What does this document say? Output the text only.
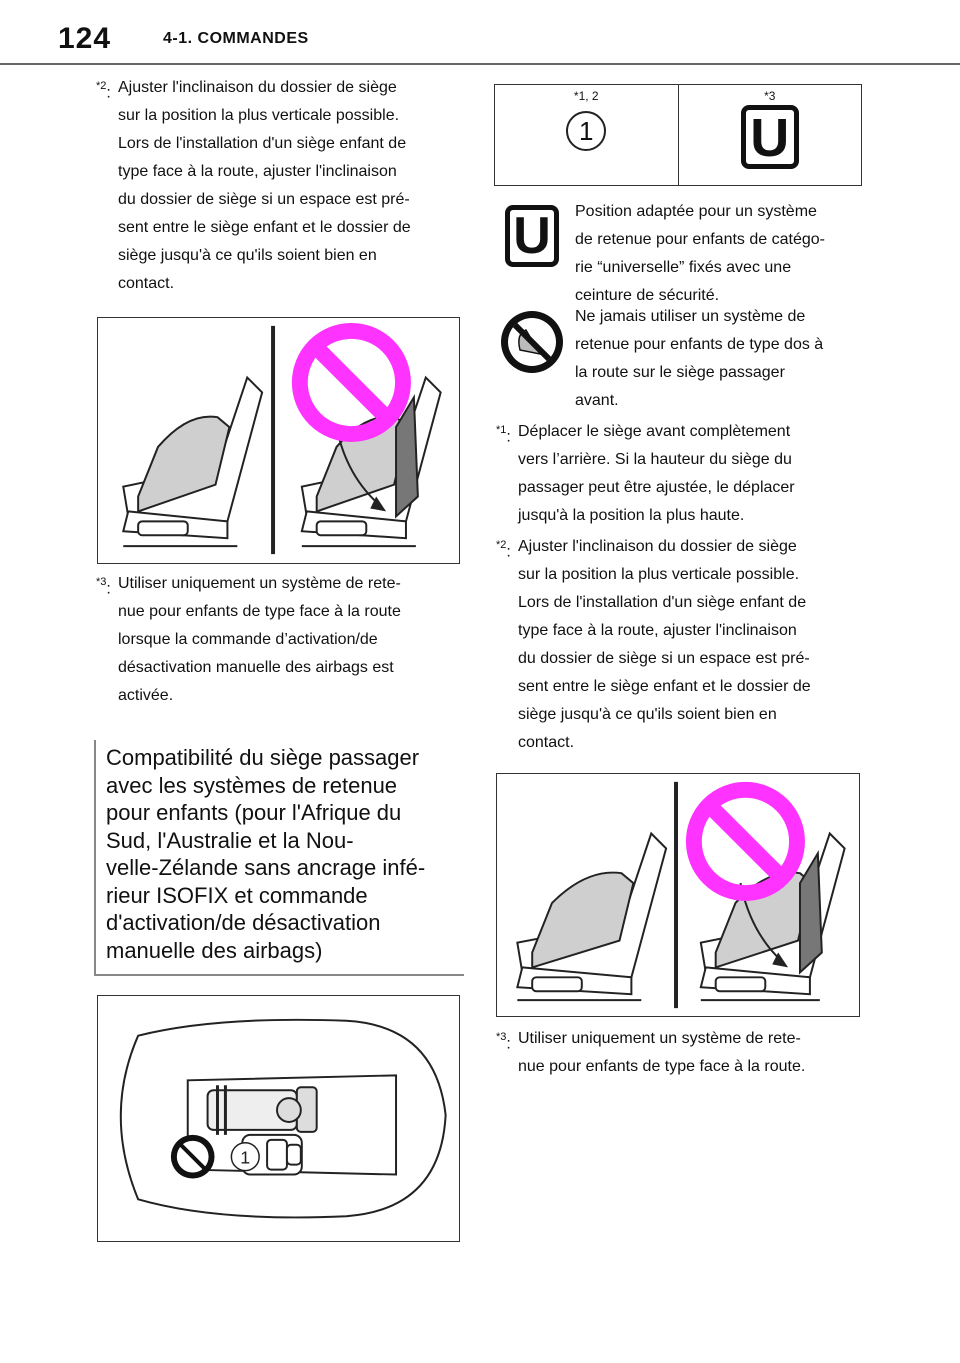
124	4-1. COMMANDES
$^{*2}$: Ajuster l'inclinaison du dossier de siège
sur la position la plus verticale possible.
Lors de l'installation d'un siège enfant de
type face à la route, ajuster l'inclinaison
du dossier de siège si un espace est pré-
sent entre le siège enfant et le dossier de
siège jusqu'à ce qu'ils soient bien en
contact.
$^{*3}$: Utiliser uniquement un système de rete-
nue pour enfants de type face à la route
lorsque la commande d’activation/de
désactivation manuelle des airbags est
activée.
Compatibilité du siège passager
avec les systèmes de retenue
pour enfants (pour l'Afrique du
Sud, l'Australie et la Nou-
velle-Zélande sans ancrage infé-
rieur ISOFIX et commande
d'activation/de désactivation
manuelle des airbags)
1
*1, 2
1
*3
U
U	Position adaptée pour un système
de retenue pour enfants de catégo-
rie “universelle” fixés avec une
ceinture de sécurité.
Ne jamais utiliser un système de
retenue pour enfants de type dos à
la route sur le siège passager
avant.
$^{*1}$: Déplacer le siège avant complètement
vers l’arrière. Si la hauteur du siège du
passager peut être ajustée, le déplacer
jusqu'à la position la plus haute.
$^{*2}$: Ajuster l'inclinaison du dossier de siège
sur la position la plus verticale possible.
Lors de l'installation d'un siège enfant de
type face à la route, ajuster l'inclinaison
du dossier de siège si un espace est pré-
sent entre le siège enfant et le dossier de
siège jusqu'à ce qu'ils soient bien en
contact.
$^{*3}$: Utiliser uniquement un système de rete-
nue pour enfants de type face à la route.
